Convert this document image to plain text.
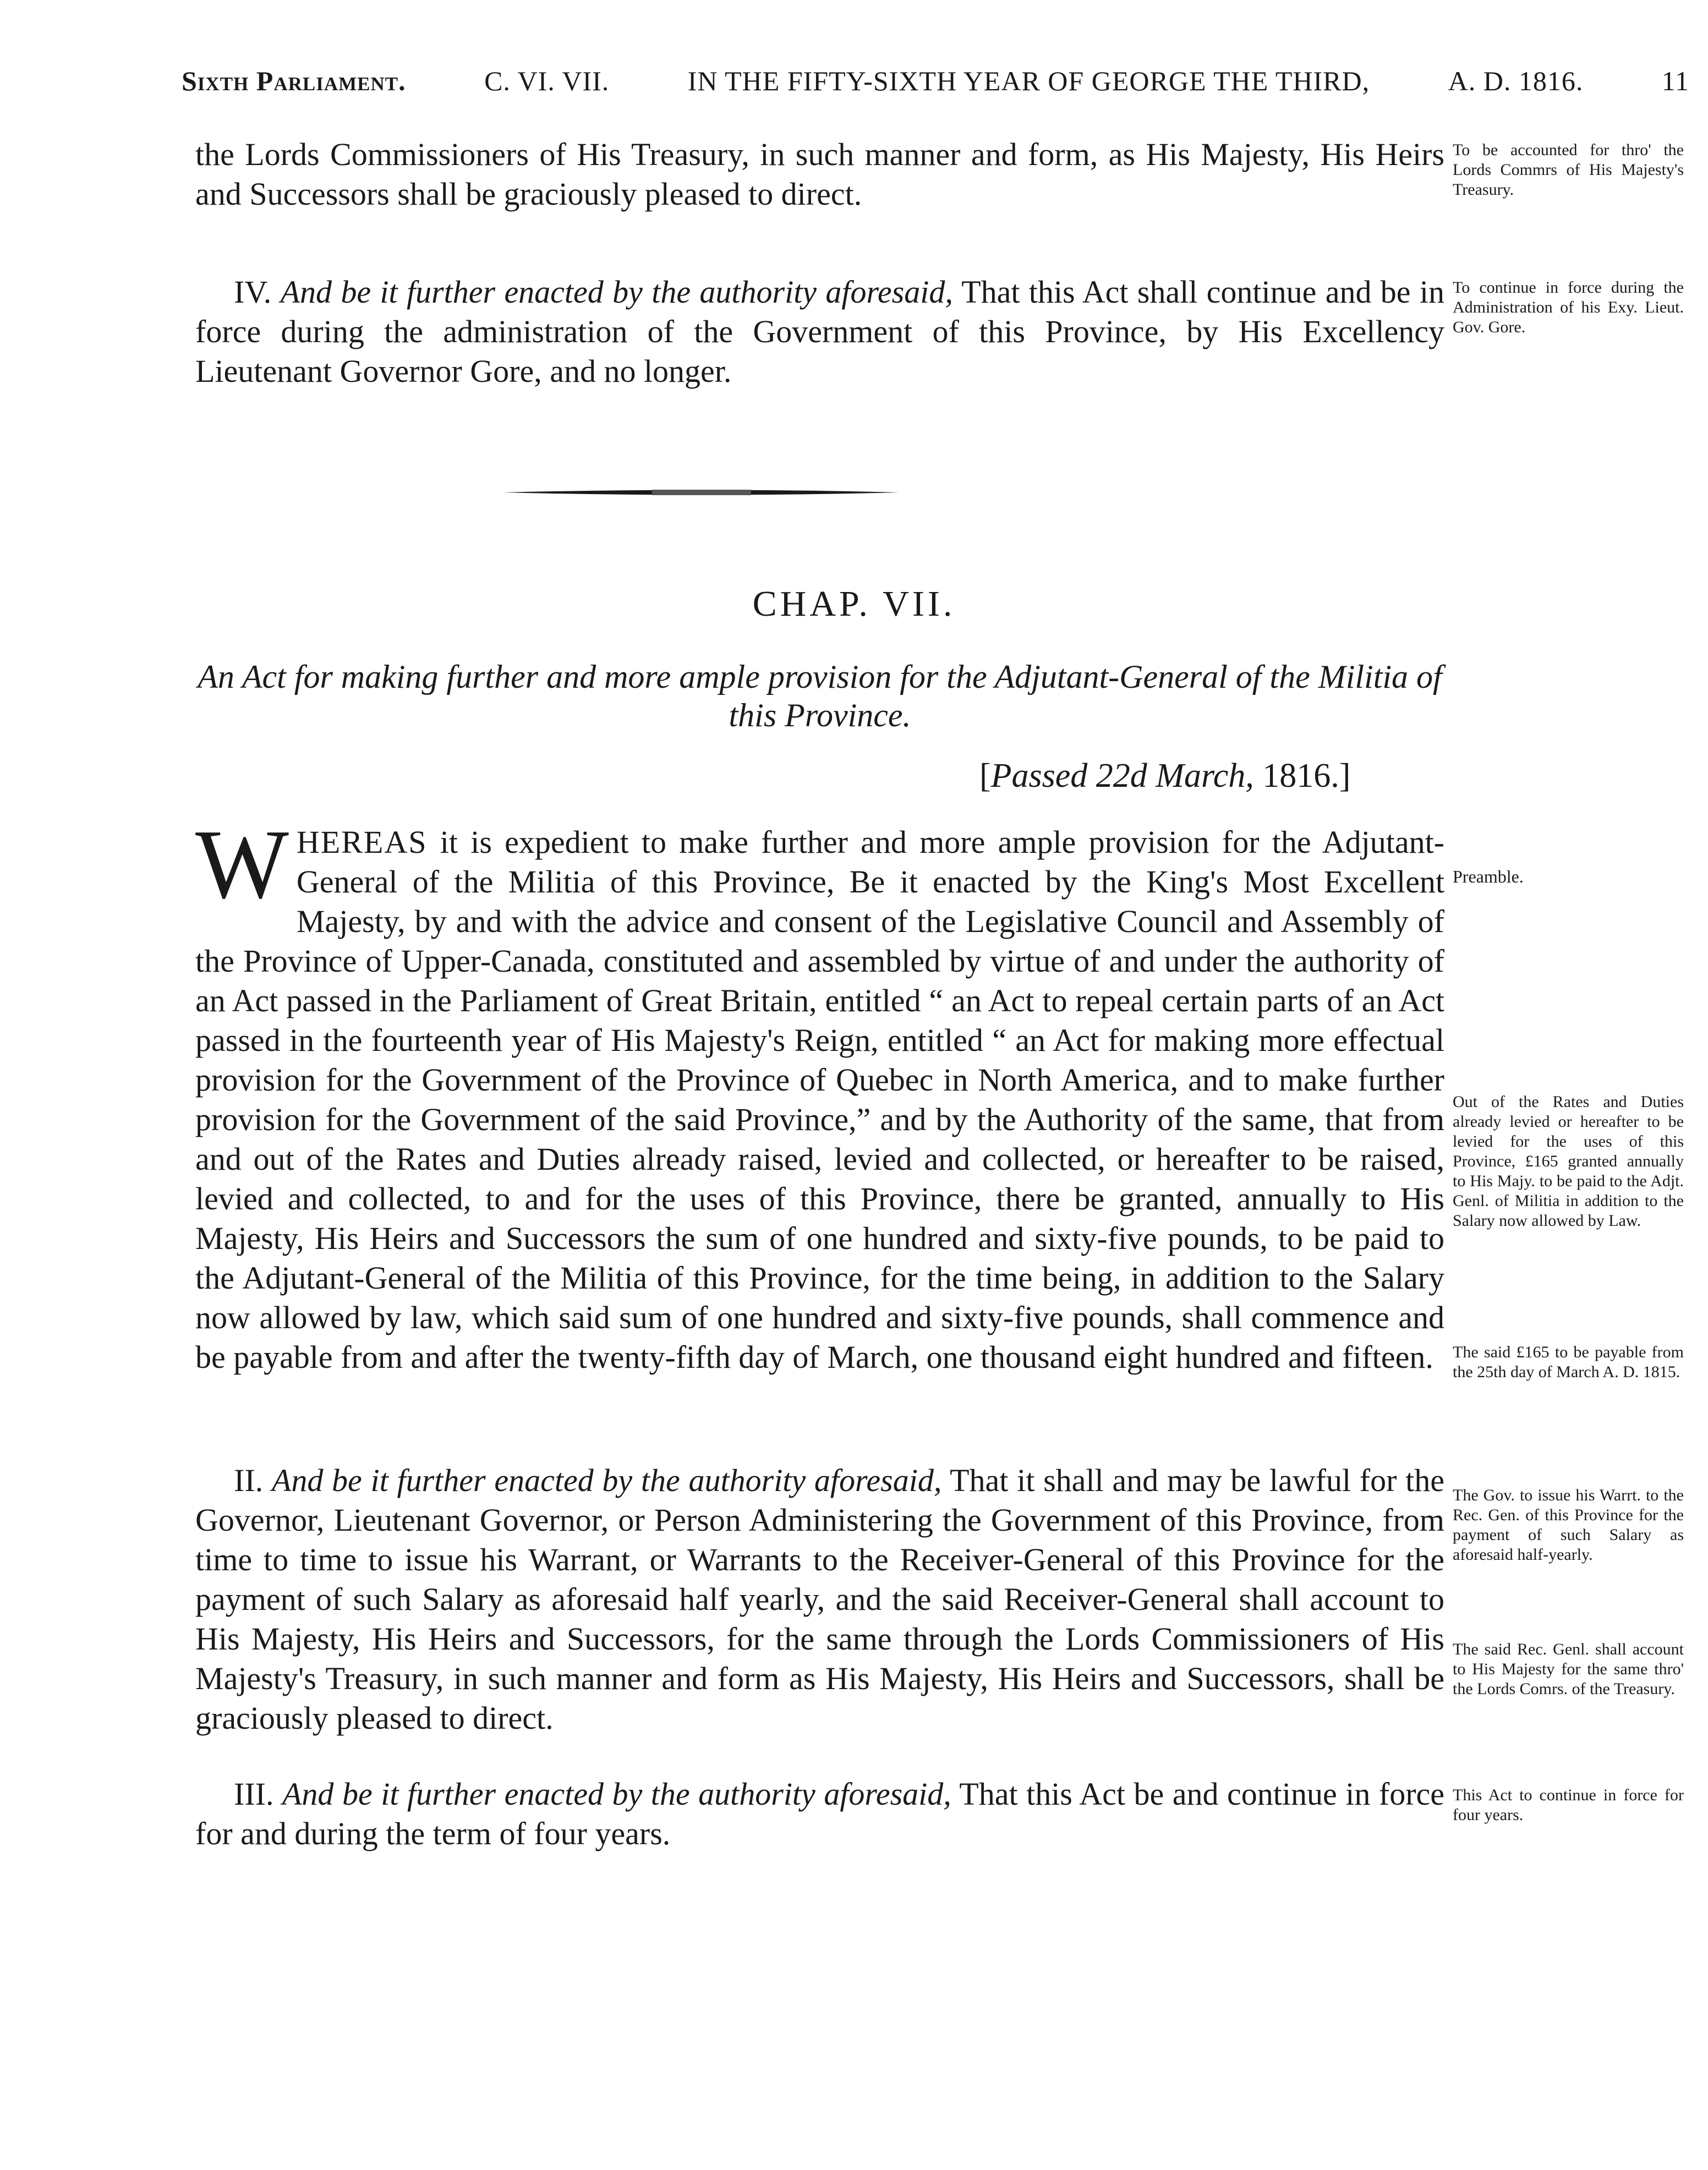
Sixth Parliament.	C. VI. VII.	IN THE FIFTY-SIXTH YEAR OF GEORGE THE THIRD,	A. D. 1816.	11

the Lords Commissioners of His Treasury, in such manner and form, as His Majesty, His Heirs and Successors shall be graciously pleased to direct.

To be accounted for thro' the Lords Commrs of His Majesty's Treasury.

IV. And be it further enacted by the authority aforesaid, That this Act shall continue and be in force during the administration of the Government of this Province, by His Excellency Lieutenant Governor Gore, and no longer.

To continue in force during the Administration of his Exy. Lieut. Gov. Gore.
CHAP. VII.
An Act for making further and more ample provision for the Adjutant-General of the Militia of this Province.
[Passed 22d March, 1816.]

WHEREAS it is expedient to make further and more ample provision for the Adjutant-General of the Militia of this Province, Be it enacted by the King's Most Excellent Majesty, by and with the advice and consent of the Legislative Council and Assembly of the Province of Upper-Canada, constituted and assembled by virtue of and under the authority of an Act passed in the Parliament of Great Britain, entitled “ an Act to repeal certain parts of an Act passed in the fourteenth year of His Majesty's Reign, entitled “ an Act for making more effectual provision for the Government of the Province of Quebec in North America, and to make further provision for the Government of the said Province,” and by the Authority of the same, that from and out of the Rates and Duties already raised, levied and collected, or hereafter to be raised, levied and collected, to and for the uses of this Province, there be granted, annually to His Majesty, His Heirs and Successors the sum of one hundred and sixty-five pounds, to be paid to the Adjutant-General of the Militia of this Province, for the time being, in addition to the Salary now allowed by law, which said sum of one hundred and sixty-five pounds, shall commence and be payable from and after the twenty-fifth day of March, one thousand eight hundred and fifteen.

Preamble.
Out of the Rates and Duties already levied or hereafter to be levied for the uses of this Province, £165 granted annually to His Majy. to be paid to the Adjt. Genl. of Militia in addition to the Salary now allowed by Law.
The said £165 to be payable from the 25th day of March A. D. 1815.

II. And be it further enacted by the authority aforesaid, That it shall and may be lawful for the Governor, Lieutenant Governor, or Person Administering the Government of this Province, from time to time to issue his Warrant, or Warrants to the Receiver-General of this Province for the payment of such Salary as aforesaid half yearly, and the said Receiver-General shall account to His Majesty, His Heirs and Successors, for the same through the Lords Commissioners of His Majesty's Treasury, in such manner and form as His Majesty, His Heirs and Successors, shall be graciously pleased to direct.

The Gov. to issue his Warrt. to the Rec. Gen. of this Province for the payment of such Salary as aforesaid half-yearly.
The said Rec. Genl. shall account to His Majesty for the same thro' the Lords Comrs. of the Treasury.

III. And be it further enacted by the authority aforesaid, That this Act be and continue in force for and during the term of four years.

This Act to continue in force for four years.
